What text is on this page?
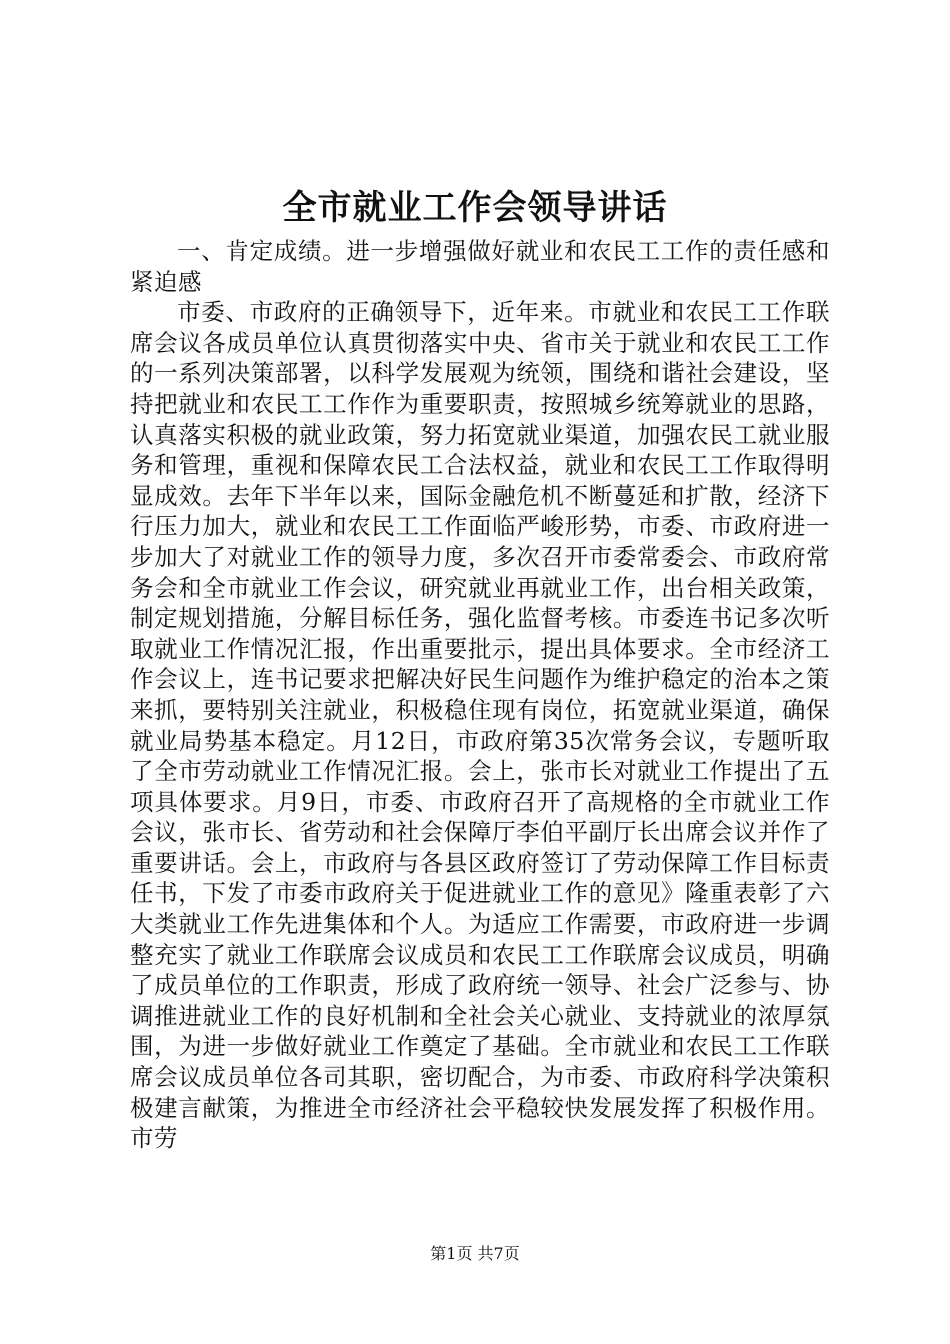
全市就业工作会领导讲话

一、肯定成绩。进一步增强做好就业和农民工工作的责任感和紧迫感

市委、市政府的正确领导下，近年来。市就业和农民工工作联席会议各成员单位认真贯彻落实中央、省市关于就业和农民工工作的一系列决策部署，以科学发展观为统领，围绕和谐社会建设，坚持把就业和农民工工作作为重要职责，按照城乡统筹就业的思路，认真落实积极的就业政策，努力拓宽就业渠道，加强农民工就业服务和管理，重视和保障农民工合法权益，就业和农民工工作取得明显成效。去年下半年以来，国际金融危机不断蔓延和扩散，经济下行压力加大，就业和农民工工作面临严峻形势，市委、市政府进一步加大了对就业工作的领导力度，多次召开市委常委会、市政府常务会和全市就业工作会议，研究就业再就业工作，出台相关政策，制定规划措施，分解目标任务，强化监督考核。市委连书记多次听取就业工作情况汇报，作出重要批示，提出具体要求。全市经济工作会议上，连书记要求把解决好民生问题作为维护稳定的治本之策来抓，要特别关注就业，积极稳住现有岗位，拓宽就业渠道，确保就业局势基本稳定。月12日，市政府第35次常务会议，专题听取了全市劳动就业工作情况汇报。会上，张市长对就业工作提出了五项具体要求。月9日，市委、市政府召开了高规格的全市就业工作会议，张市长、省劳动和社会保障厅李伯平副厅长出席会议并作了重要讲话。会上，市政府与各县区政府签订了劳动保障工作目标责任书，下发了市委市政府关于促进就业工作的意见》隆重表彰了六大类就业工作先进集体和个人。为适应工作需要，市政府进一步调整充实了就业工作联席会议成员和农民工工作联席会议成员，明确了成员单位的工作职责，形成了政府统一领导、社会广泛参与、协调推进就业工作的良好机制和全社会关心就业、支持就业的浓厚氛围，为进一步做好就业工作奠定了基础。全市就业和农民工工作联席会议成员单位各司其职，密切配合，为市委、市政府科学决策积极建言献策，为推进全市经济社会平稳较快发展发挥了积极作用。市劳

第1页 共7页
